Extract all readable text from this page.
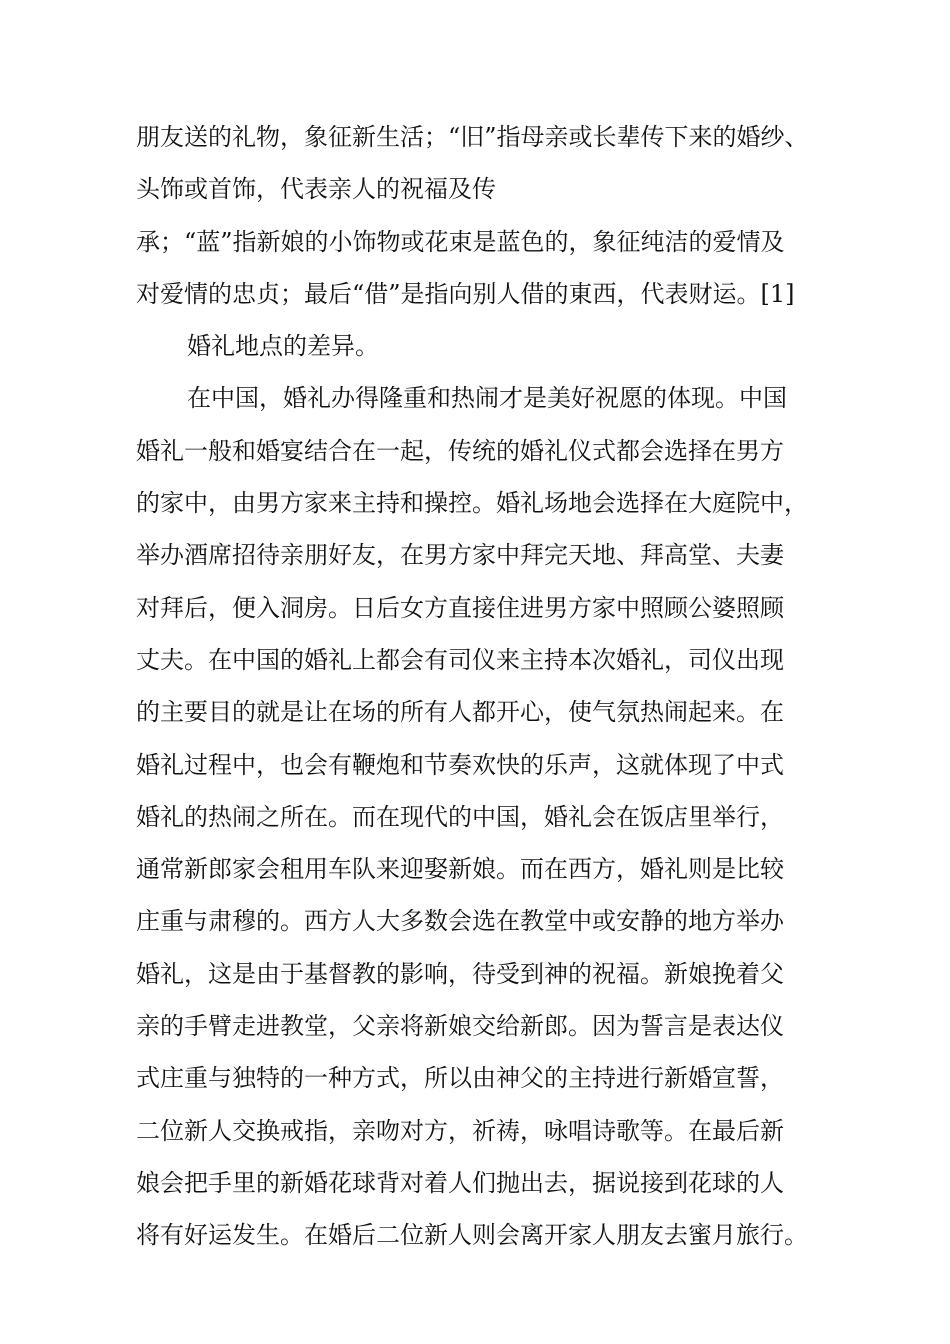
朋友送的礼物，象征新生活；“旧”指母亲或长辈传下来的婚纱、
头饰或首饰，代表亲人的祝福及传
承；“蓝”指新娘的小饰物或花束是蓝色的，象征纯洁的爱情及
对爱情的忠贞；最后“借”是指向别人借的東西，代表财运。[1]
婚礼地点的差异。
在中国，婚礼办得隆重和热闹才是美好祝愿的体现。中国
婚礼一般和婚宴结合在一起，传统的婚礼仪式都会选择在男方
的家中，由男方家来主持和操控。婚礼场地会选择在大庭院中，
举办酒席招待亲朋好友，在男方家中拜完天地、拜高堂、夫妻
对拜后，便入洞房。日后女方直接住进男方家中照顾公婆照顾
丈夫。在中国的婚礼上都会有司仪来主持本次婚礼，司仪出现
的主要目的就是让在场的所有人都开心，使气氛热闹起来。在
婚礼过程中，也会有鞭炮和节奏欢快的乐声，这就体现了中式
婚礼的热闹之所在。而在现代的中国，婚礼会在饭店里举行，
通常新郎家会租用车队来迎娶新娘。而在西方，婚礼则是比较
庄重与肃穆的。西方人大多数会选在教堂中或安静的地方举办
婚礼，这是由于基督教的影响，待受到神的祝福。新娘挽着父
亲的手臂走进教堂，父亲将新娘交给新郎。因为誓言是表达仪
式庄重与独特的一种方式，所以由神父的主持进行新婚宣誓，
二位新人交换戒指，亲吻对方，祈祷，咏唱诗歌等。在最后新
娘会把手里的新婚花球背对着人们抛出去，据说接到花球的人
将有好运发生。在婚后二位新人则会离开家人朋友去蜜月旅行。
